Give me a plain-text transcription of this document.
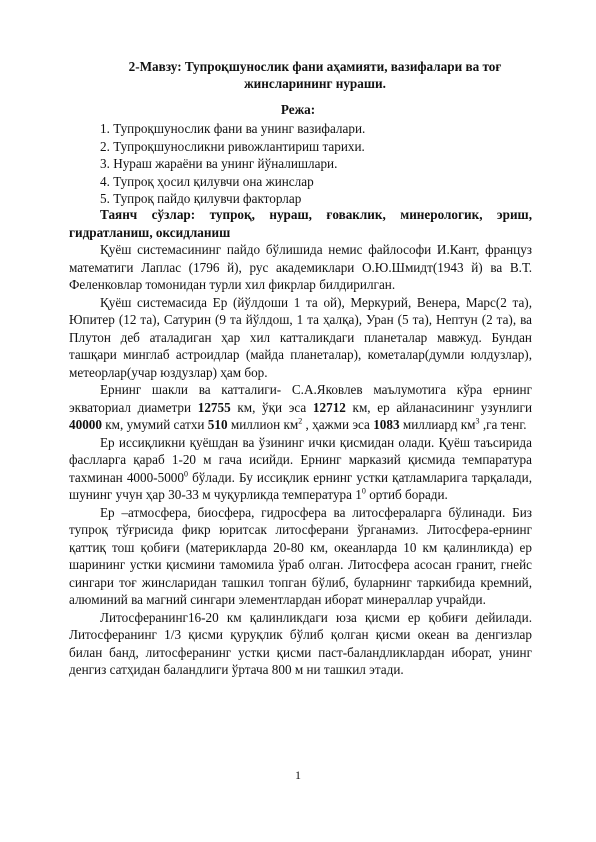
2-Мавзу: Тупроқшунослик фани аҳамияти, вазифалари ва тоғ жинсларининг нураши.
Режа:
1. Тупроқшунослик фани ва унинг вазифалари.
2. Тупроқшуносликни ривожлантириш тарихи.
3. Нураш жараёни ва унинг йўналишлари.
4. Тупроқ ҳосил қилувчи она жинслар
5. Тупроқ пайдо қилувчи факторлар

Таянч сўзлар: тупроқ, нураш, ғоваклик, минерологик, эриш, гидратланиш, оксидланиш

Қуёш системасининг пайдо бўлишида немис файлософи И.Кант, француз математиги Лаплас (1796 й), рус академиклари О.Ю.Шмидт(1943 й) ва В.Т. Феленковлар томонидан турли хил фикрлар билдирилган.

Қуёш системасида Ер (йўлдоши 1 та ой), Меркурий, Венера, Марс(2 та), Юпитер (12 та), Сатурин (9 та йўлдош, 1 та ҳалқа), Уран (5 та), Нептун (2 та), ва Плутон деб аталадиган ҳар хил катталикдаги планеталар мавжуд. Бундан ташқари минглаб астроидлар (майда планеталар), кометалар(думли юлдузлар), метеорлар(учар юздузлар) ҳам бор.

Ернинг шакли ва катталиги- С.А.Яковлев маълумотига кўра ернинг экваториал диаметри 12755 км, ўқи эса 12712 км, ер айланасининг узунлиги 40000 км, умумий сатхи 510 миллион $км^2$ , ҳажми эса 1083 миллиард $км^3$ ,га тенг.

Ер иссиқликни қуёшдан ва ўзининг ички қисмидан олади. Қуёш таъсирида фаслларга қараб 1-20 м гача исийди. Ернинг марказий қисмида темпаратура тахминан 4000-5000$^0$ бўлади. Бу иссиқлик ернинг устки қатламларига тарқалади, шунинг учун ҳар 30-33 м чуқурликда температура $1^0$ ортиб боради.

Ер –атмосфера, биосфера, гидросфера ва литосфераларга бўлинади. Биз тупроқ тўғрисида фикр юритсак литосферани ўрганамиз. Литосфера-ернинг қаттиқ тош қобиғи (материкларда 20-80 км, океанларда 10 км қалинликда) ер шарининг устки қисмини тамомила ўраб олган. Литосфера асосан гранит, гнейс сингари тоғ жинсларидан ташкил топган бўлиб, буларнинг таркибида кремний, алюминий ва магний сингари элементлардан иборат минераллар учрайди.

Литосферанинг16-20 км қалинликдаги юза қисми ер қобиғи дейилади. Литосферанинг 1/3 қисми қуруқлик бўлиб қолган қисми океан ва денгизлар билан банд, литосферанинг устки қисми паст-баландликлардан иборат, унинг денгиз сатҳидан баландлиги ўртача 800 м ни ташкил этади.

1
